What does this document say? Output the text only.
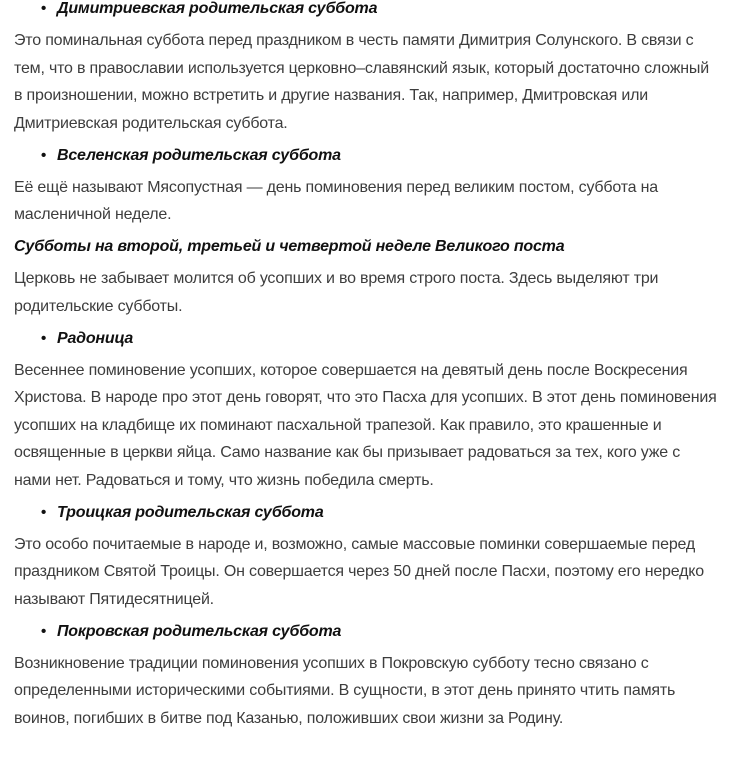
• Димитриевская родительская суббота

Это поминальная суббота перед праздником в честь памяти Димитрия Солунского. В связи с тем, что в православии используется церковно–славянский язык, который достаточно сложный в произношении, можно встретить и другие названия. Так, например, Дмитровская или Дмитриевская родительская суббота.

• Вселенская родительская суббота

Её ещё называют Мясопустная — день поминовения перед великим постом, суббота на масленичной неделе.

Субботы на второй, третьей и четвертой неделе Великого поста

Церковь не забывает молится об усопших и во время строго поста. Здесь выделяют три родительские субботы.

• Радоница

Весеннее поминовение усопших, которое совершается на девятый день после Воскресения Христова. В народе про этот день говорят, что это Пасха для усопших. В этот день поминовения усопших на кладбище их поминают пасхальной трапезой. Как правило, это крашенные и освященные в церкви яйца. Само название как бы призывает радоваться за тех, кого уже с нами нет. Радоваться и тому, что жизнь победила смерть.

• Троицкая родительская суббота

Это особо почитаемые в народе и, возможно, самые массовые поминки совершаемые перед праздником Святой Троицы. Он совершается через 50 дней после Пасхи, поэтому его нередко называют Пятидесятницей.

• Покровская родительская суббота

Возникновение традиции поминовения усопших в Покровскую субботу тесно связано с определенными историческими событиями. В сущности, в этот день принято чтить память воинов, погибших в битве под Казанью, положивших свои жизни за Родину.
